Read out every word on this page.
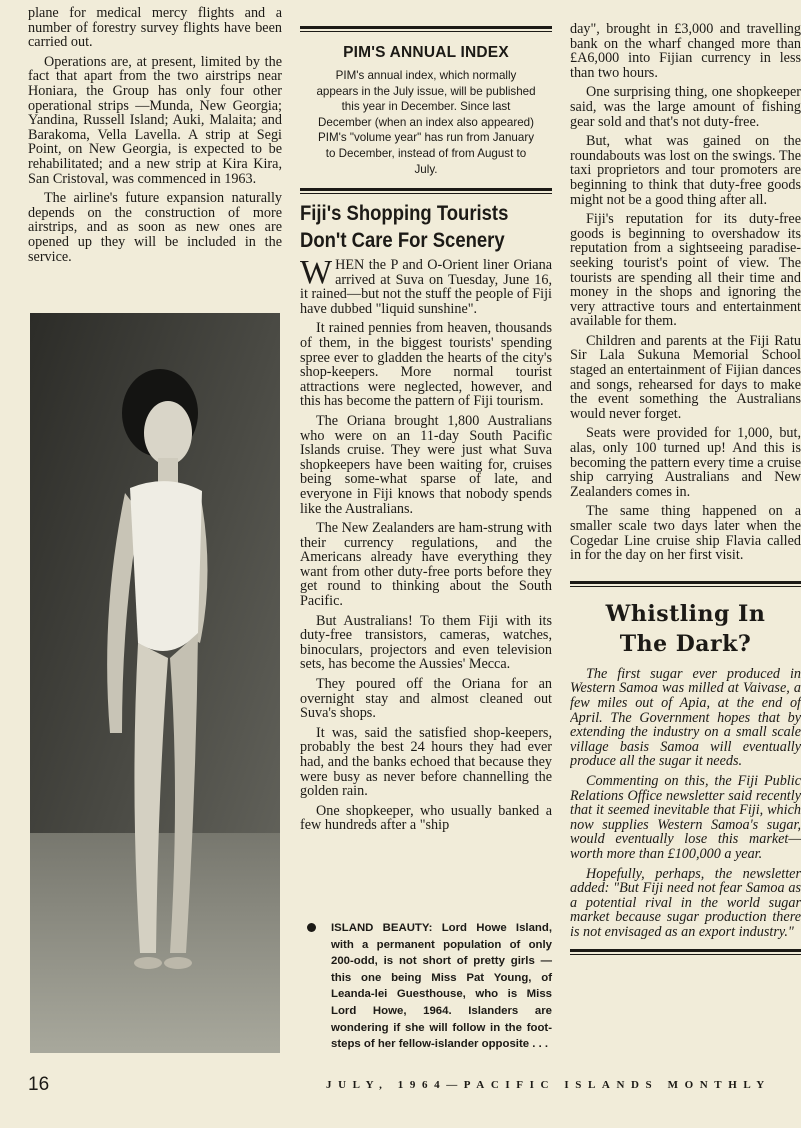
plane for medical mercy flights and a number of forestry survey flights have been carried out.

Operations are, at present, limited by the fact that apart from the two airstrips near Honiara, the Group has only four other operational strips —Munda, New Georgia; Yandina, Russell Island; Auki, Malaita; and Barakoma, Vella Lavella. A strip at Segi Point, on New Georgia, is expected to be rehabilitated; and a new strip at Kira Kira, San Cristoval, was commenced in 1963.

The airline's future expansion naturally depends on the construction of more airstrips, and as soon as new ones are opened up they will be included in the service.

PIM'S ANNUAL INDEX
PIM's annual index, which normally appears in the July issue, will be published this year in December. Since last December (when an index also appeared) PIM's "volume year" has run from January to December, instead of from August to July.
Fiji's Shopping Tourists
Don't Care For Scenery

WHEN the P and O-Orient liner Oriana arrived at Suva on Tuesday, June 16, it rained—but not the stuff the people of Fiji have dubbed "liquid sunshine".

It rained pennies from heaven, thousands of them, in the biggest tourists' spending spree ever to gladden the hearts of the city's shop-keepers. More normal tourist attractions were neglected, however, and this has become the pattern of Fiji tourism.

The Oriana brought 1,800 Australians who were on an 11-day South Pacific Islands cruise. They were just what Suva shopkeepers have been waiting for, cruises being some-what sparse of late, and everyone in Fiji knows that nobody spends like the Australians.

The New Zealanders are ham-strung with their currency regulations, and the Americans already have everything they want from other duty-free ports before they get round to thinking about the South Pacific.

But Australians! To them Fiji with its duty-free transistors, cameras, watches, binoculars, projectors and even television sets, has become the Aussies' Mecca.

They poured off the Oriana for an overnight stay and almost cleaned out Suva's shops.

It was, said the satisfied shop-keepers, probably the best 24 hours they had ever had, and the banks echoed that because they were busy as never before channelling the golden rain.

One shopkeeper, who usually banked a few hundreds after a "ship

ISLAND BEAUTY: Lord Howe Island, with a permanent population of only 200-odd, is not short of pretty girls —this one being Miss Pat Young, of Leanda-lei Guesthouse, who is Miss Lord Howe, 1964. Islanders are wondering if she will follow in the foot-steps of her fellow-islander opposite . . .

day", brought in £3,000 and travelling bank on the wharf changed more than £A6,000 into Fijian currency in less than two hours.

One surprising thing, one shopkeeper said, was the large amount of fishing gear sold and that's not duty-free.

But, what was gained on the roundabouts was lost on the swings. The taxi proprietors and tour promoters are beginning to think that duty-free goods might not be a good thing after all.

Fiji's reputation for its duty-free goods is beginning to overshadow its reputation from a sightseeing paradise-seeking tourist's point of view. The tourists are spending all their time and money in the shops and ignoring the very attractive tours and entertainment available for them.

Children and parents at the Fiji Ratu Sir Lala Sukuna Memorial School staged an entertainment of Fijian dances and songs, rehearsed for days to make the event something the Australians would never forget.

Seats were provided for 1,000, but, alas, only 100 turned up! And this is becoming the pattern every time a cruise ship carrying Australians and New Zealanders comes in.

The same thing happened on a smaller scale two days later when the Cogedar Line cruise ship Flavia called in for the day on her first visit.

Whistling In
The Dark?

The first sugar ever produced in Western Samoa was milled at Vaivase, a few miles out of Apia, at the end of April. The Government hopes that by extending the industry on a small scale village basis Samoa will eventually produce all the sugar it needs.

Commenting on this, the Fiji Public Relations Office newsletter said recently that it seemed inevitable that Fiji, which now supplies Western Samoa's sugar, would eventually lose this market—worth more than £100,000 a year.

Hopefully, perhaps, the newsletter added: "But Fiji need not fear Samoa as a potential rival in the world sugar market because sugar production there is not envisaged as an export industry."

16	JULY, 1964—PACIFIC ISLANDS MONTHLY
